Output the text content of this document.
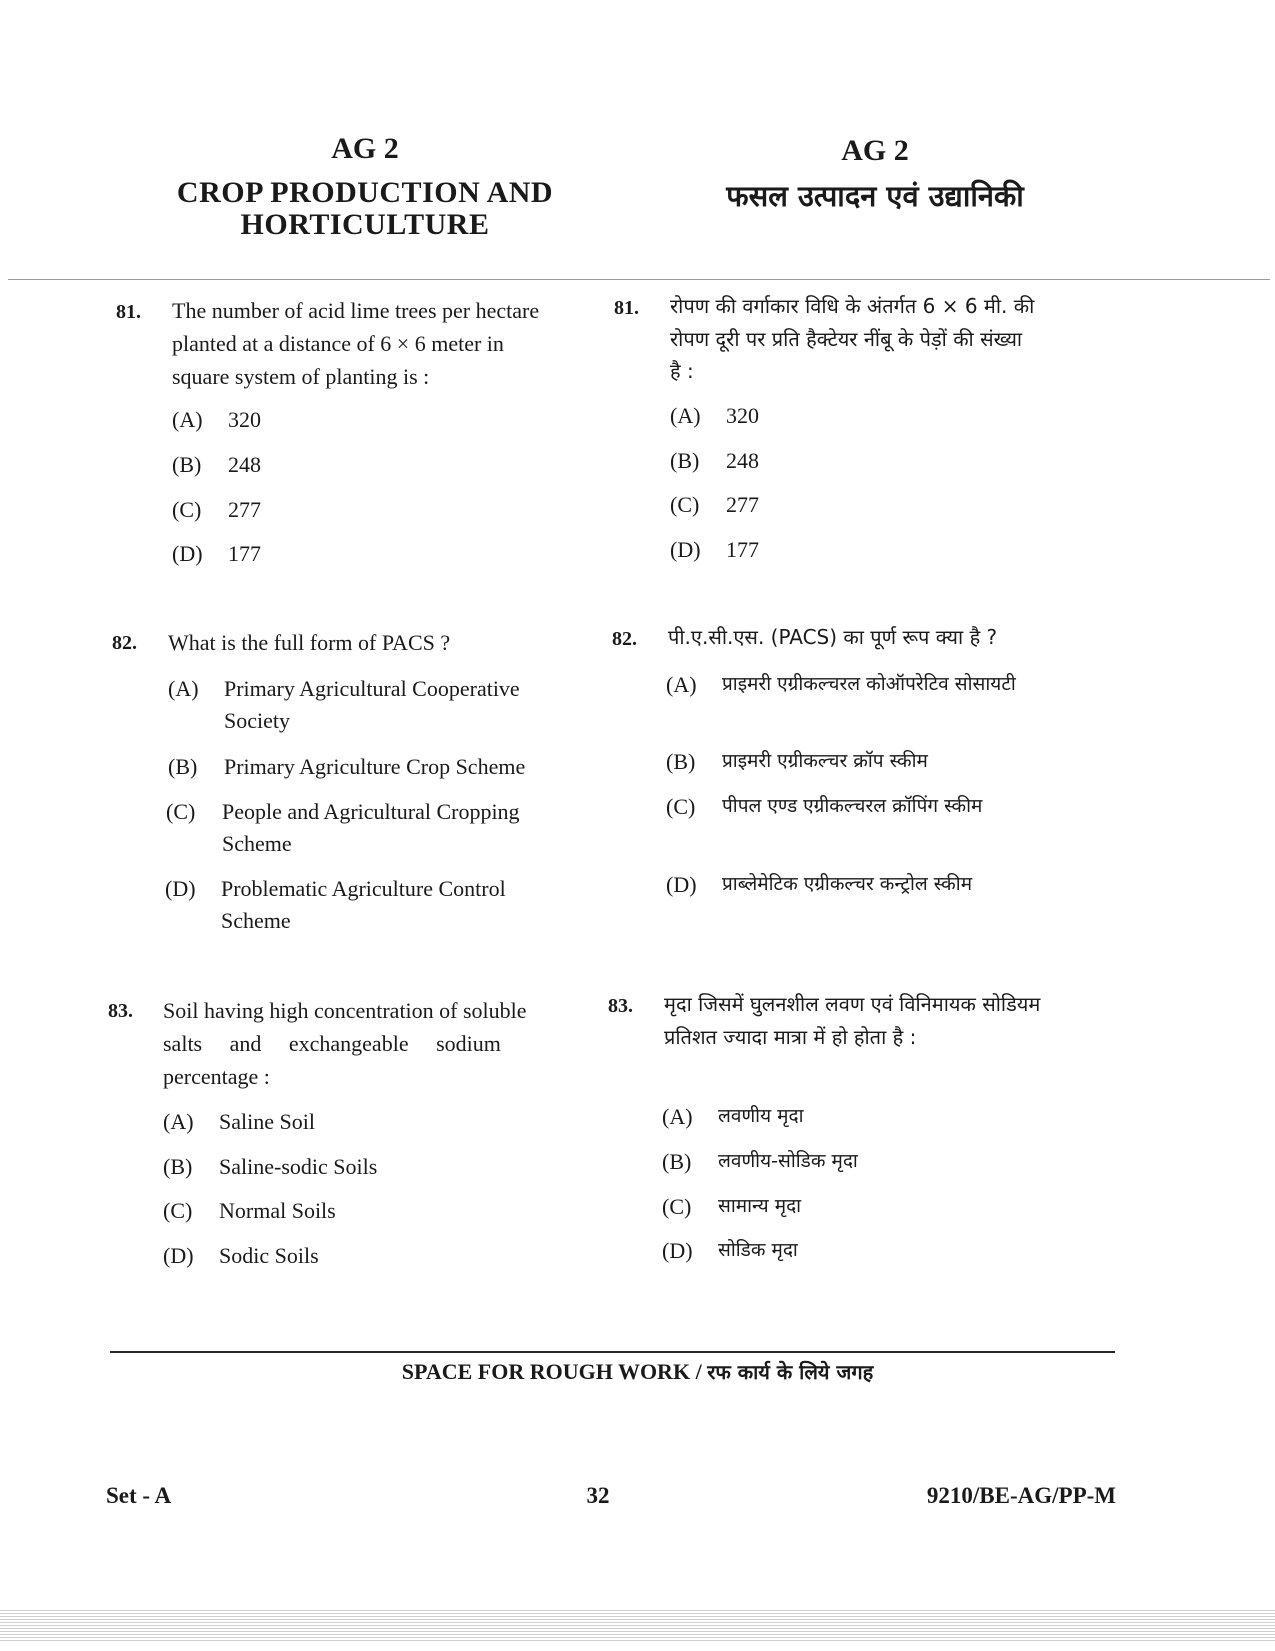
AG 2
CROP PRODUCTION AND
HORTICULTURE
AG 2
फसल उत्पादन एवं उद्यानिकी
81. The number of acid lime trees per hectare
planted at a distance of 6 × 6 meter in
square system of planting is :
(A) 320
(B) 248
(C) 277
(D) 177
82. What is the full form of PACS ?
(A) Primary Agricultural Cooperative
Society
(B) Primary Agriculture Crop Scheme
(C) People and Agricultural Cropping
Scheme
(D) Problematic Agriculture Control
Scheme
83. Soil having high concentration of soluble
salts and exchangeable sodium
percentage :
(A) Saline Soil
(B) Saline-sodic Soils
(C) Normal Soils
(D) Sodic Soils
81. रोपण की वर्गाकार विधि के अंतर्गत 6 × 6 मी. की
रोपण दूरी पर प्रति हैक्टेयर नींबू के पेड़ों की संख्या
है :
(A) 320
(B) 248
(C) 277
(D) 177
82. पी.ए.सी.एस. (PACS) का पूर्ण रूप क्या है ?
(A) प्राइमरी एग्रीकल्चरल कोऑपरेटिव सोसायटी
(B) प्राइमरी एग्रीकल्चर क्रॉप स्कीम
(C) पीपल एण्ड एग्रीकल्चरल क्रॉपिंग स्कीम
(D) प्राब्लेमेटिक एग्रीकल्चर कन्ट्रोल स्कीम
83. मृदा जिसमें घुलनशील लवण एवं विनिमायक सोडियम
प्रतिशत ज्यादा मात्रा में हो होता है :
(A) लवणीय मृदा
(B) लवणीय-सोडिक मृदा
(C) सामान्य मृदा
(D) सोडिक मृदा
SPACE FOR ROUGH WORK / रफ कार्य के लिये जगह
Set - A	32	9210/BE-AG/PP-M
